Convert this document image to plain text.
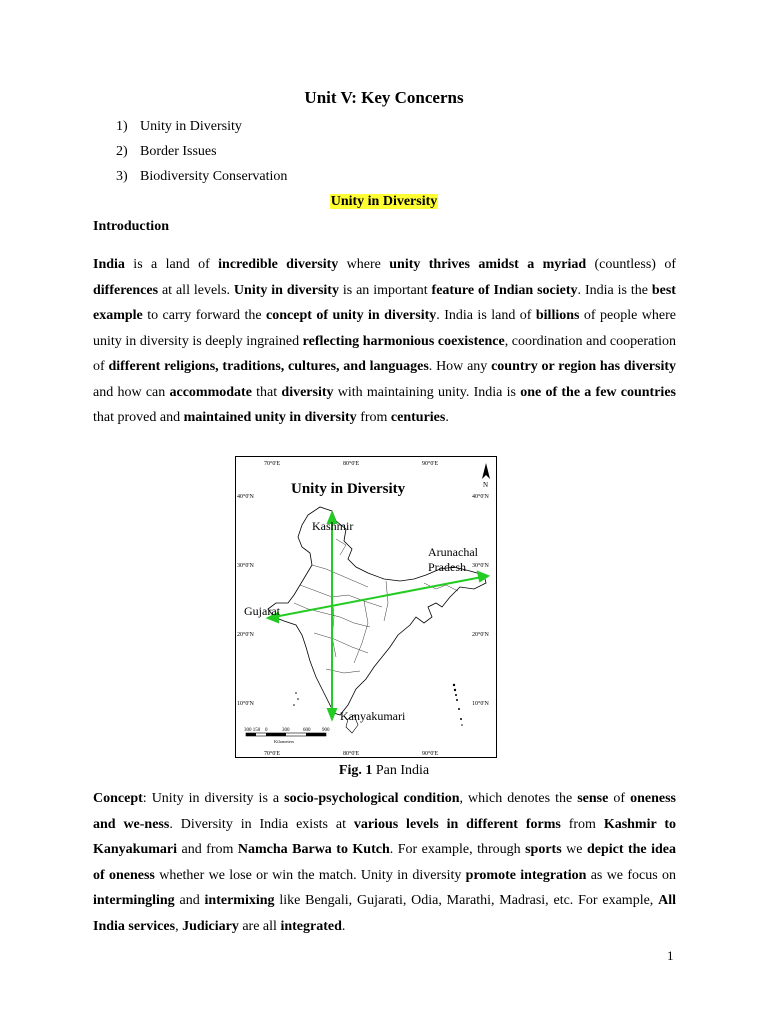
Unit V: Key Concerns
1) Unity in Diversity
2) Border Issues
3) Biodiversity Conservation
Unity in Diversity
Introduction
India is a land of incredible diversity where unity thrives amidst a myriad (countless) of differences at all levels. Unity in diversity is an important feature of Indian society. India is the best example to carry forward the concept of unity in diversity. India is land of billions of people where unity in diversity is deeply ingrained reflecting harmonious coexistence, coordination and cooperation of different religions, traditions, cultures, and languages. How any country or region has diversity and how can accommodate that diversity with maintaining unity. India is one of the a few countries that proved and maintained unity in diversity from centuries.
70°0'E	80°0'E	90°0'E
70°0'E	80°0'E	90°0'E
40°0'N
30°0'N
20°0'N
10°0'N
40°0'N
30°0'N
20°0'N
10°0'N
N
Unity in Diversity
Kashmir
Arunachal
Pradesh
Gujarat
Kanyakumari
300 150 0	300	600 900
Kilometers
Fig. 1 Pan India
Concept: Unity in diversity is a socio-psychological condition, which denotes the sense of oneness and we-ness. Diversity in India exists at various levels in different forms from Kashmir to Kanyakumari and from Namcha Barwa to Kutch. For example, through sports we depict the idea of oneness whether we lose or win the match. Unity in diversity promote integration as we focus on intermingling and intermixing like Bengali, Gujarati, Odia, Marathi, Madrasi, etc. For example, All India services, Judiciary are all integrated.
1
